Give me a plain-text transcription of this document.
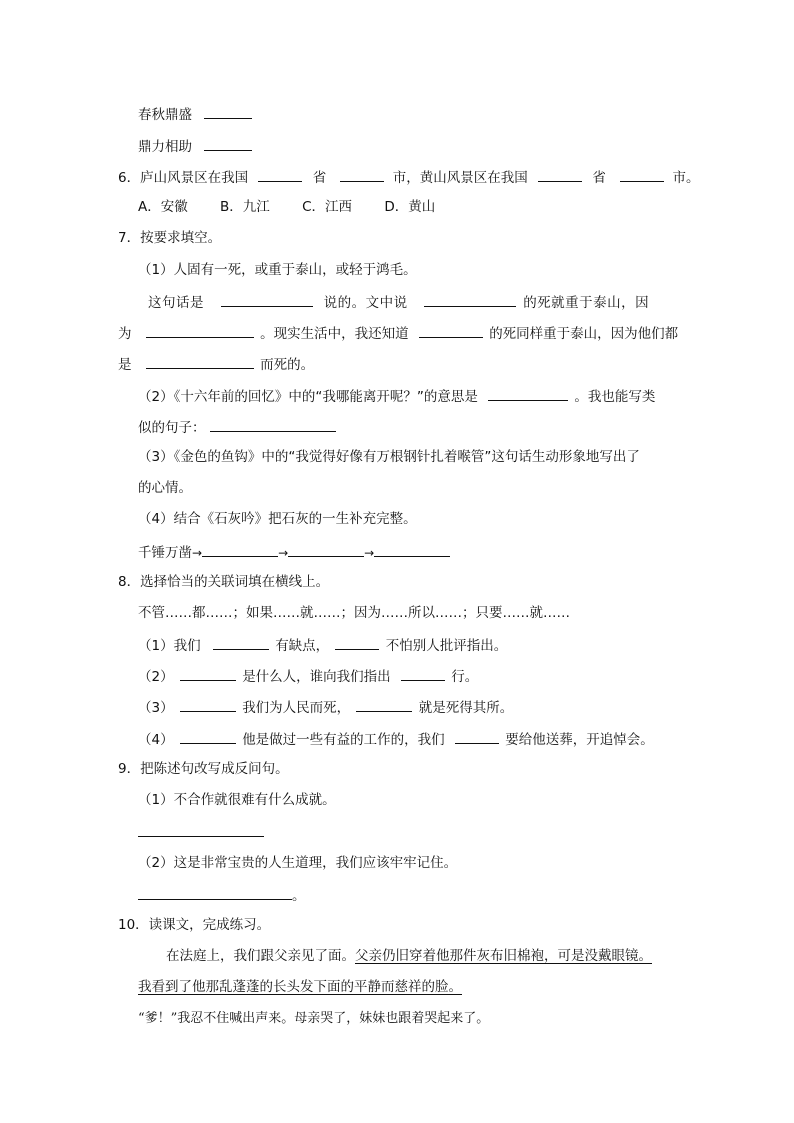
春秋鼎盛
鼎力相助
6．庐山风景区在我国	省	市，黄山风景区在我国	省	市。
A．安徽 B．九江 C．江西 D．黄山
7．按要求填空。
（1）人固有一死，或重于泰山，或轻于鸿毛。
这句话是	说的。文中说	的死就重于泰山，因
为	。现实生活中，我还知道	的死同样重于泰山，因为他们都
是	而死的。
（2）《十六年前的回忆》中的“我哪能离开呢？”的意思是	。我也能写类
似的句子：
（3）《金色的鱼钩》中的“我觉得好像有万根钢针扎着喉管”这句话生动形象地写出了
的心情。
（4）结合《石灰吟》把石灰的一生补充完整。
千锤万凿→	→	→
8．选择恰当的关联词填在横线上。
不管……都……；如果……就……；因为……所以……；只要……就……
（1）我们	有缺点，	不怕别人批评指出。
（2）	是什么人，谁向我们指出	行。
（3）	我们为人民而死，	就是死得其所。
（4）	他是做过一些有益的工作的，我们	要给他送葬，开追悼会。
9．把陈述句改写成反问句。
（1）不合作就很难有什么成就。
（2）这是非常宝贵的人生道理，我们应该牢牢记住。
。
10．读课文，完成练习。
在法庭上，我们跟父亲见了面。父亲仍旧穿着他那件灰布旧棉袍，可是没戴眼镜。
我看到了他那乱蓬蓬的长头发下面的平静而慈祥的脸。
“爹！”我忍不住喊出声来。母亲哭了，妹妹也跟着哭起来了。
